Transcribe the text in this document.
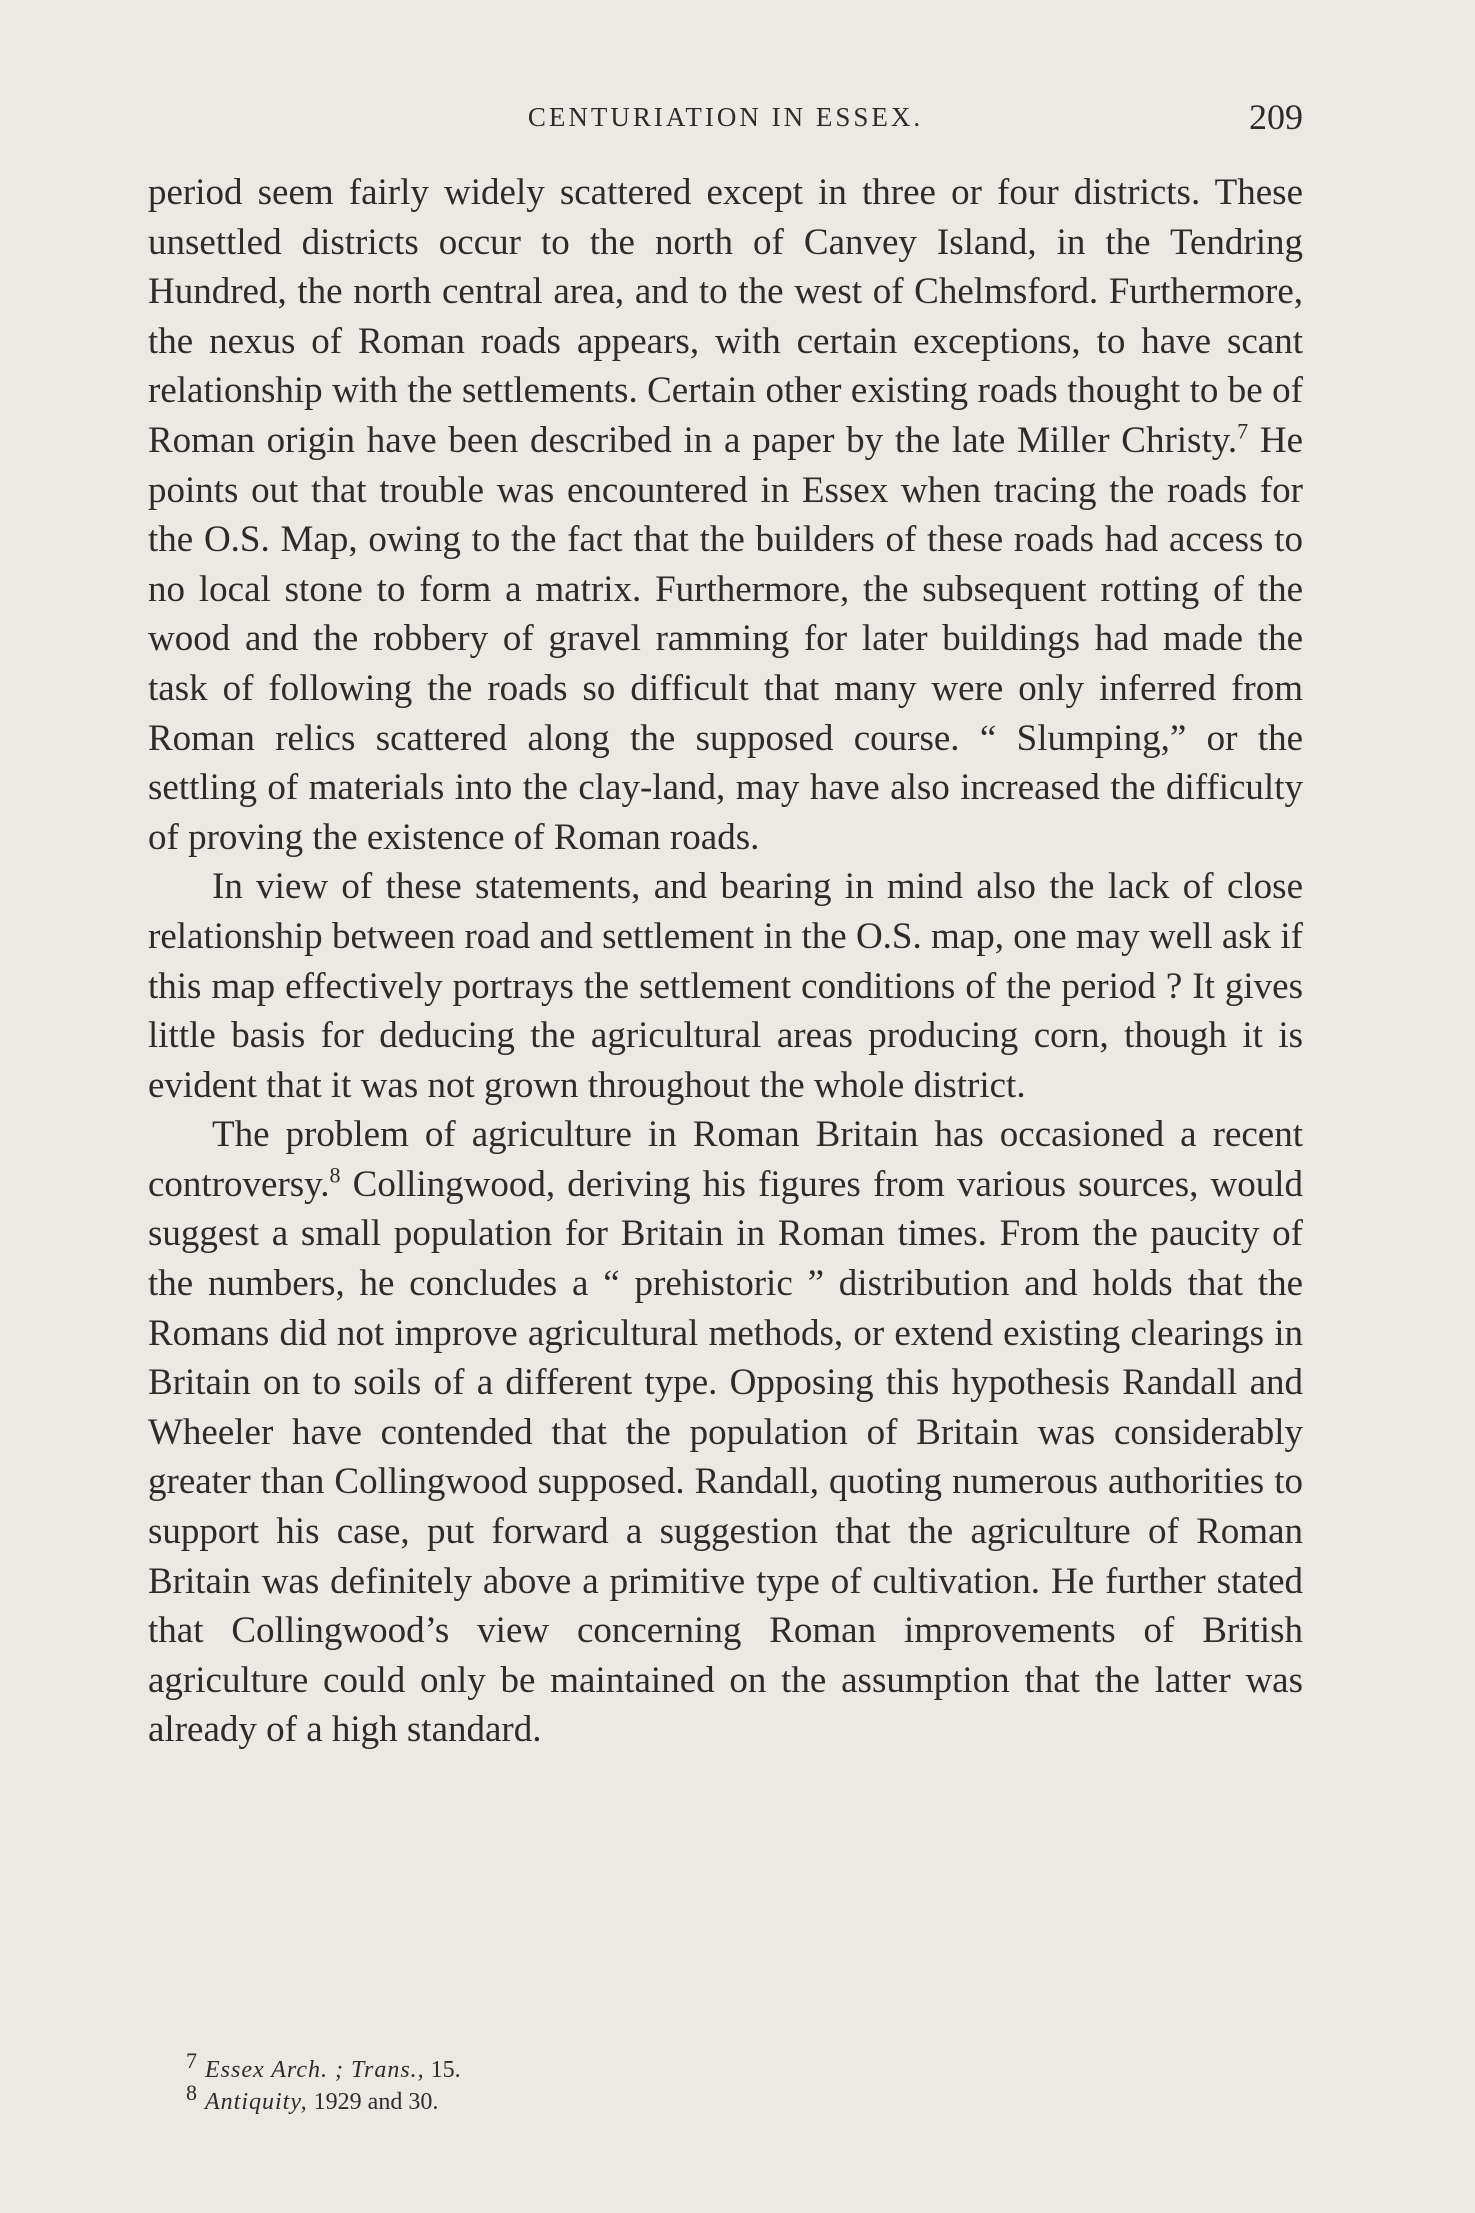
CENTURIATION IN ESSEX.	209

period seem fairly widely scattered except in three or four districts. These unsettled districts occur to the north of Canvey Island, in the Tendring Hundred, the north central area, and to the west of Chelmsford. Furthermore, the nexus of Roman roads appears, with certain exceptions, to have scant relationship with the settlements. Certain other existing roads thought to be of Roman origin have been described in a paper by the late Miller Christy.$^7$ He points out that trouble was encountered in Essex when tracing the roads for the O.S. Map, owing to the fact that the builders of these roads had access to no local stone to form a matrix. Furthermore, the subsequent rotting of the wood and the robbery of gravel ramming for later buildings had made the task of following the roads so difficult that many were only inferred from Roman relics scattered along the supposed course. “ Slumping,” or the settling of materials into the clay-land, may have also increased the difficulty of proving the existence of Roman roads.

In view of these statements, and bearing in mind also the lack of close relationship between road and settlement in the O.S. map, one may well ask if this map effectively portrays the settlement conditions of the period ? It gives little basis for deducing the agricultural areas producing corn, though it is evident that it was not grown throughout the whole district.

The problem of agriculture in Roman Britain has occasioned a recent controversy.$^8$ Collingwood, deriving his figures from various sources, would suggest a small population for Britain in Roman times. From the paucity of the numbers, he concludes a “ prehistoric ” distribution and holds that the Romans did not improve agricultural methods, or extend existing clearings in Britain on to soils of a different type. Opposing this hypothesis Randall and Wheeler have contended that the population of Britain was considerably greater than Collingwood supposed. Randall, quoting numerous authorities to support his case, put forward a suggestion that the agriculture of Roman Britain was definitely above a primitive type of cultivation. He further stated that Collingwood’s view concerning Roman improvements of British agriculture could only be maintained on the assumption that the latter was already of a high standard.

7 Essex Arch. ; Trans., 15.
8 Antiquity, 1929 and 30.
